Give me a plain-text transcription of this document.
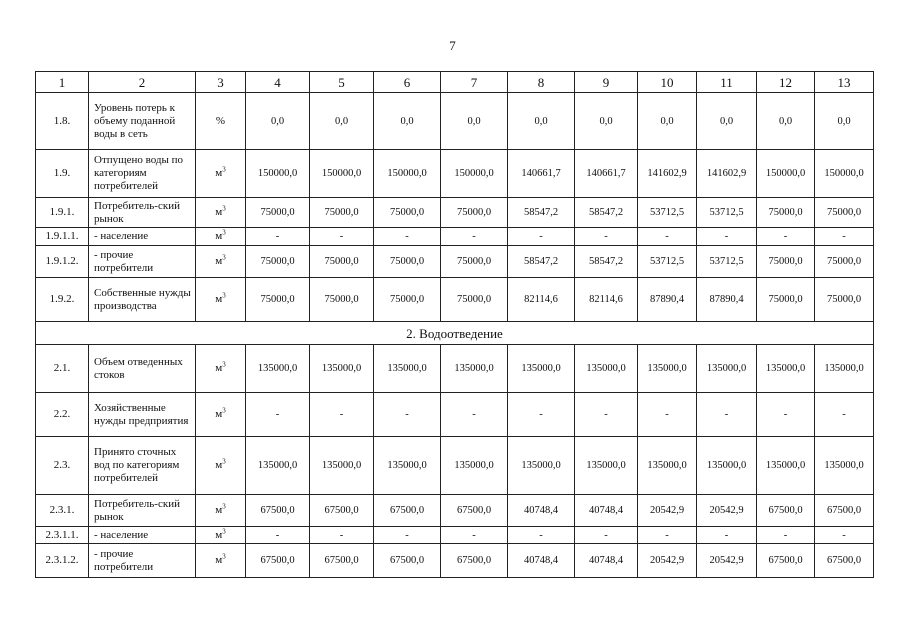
7
1	2	3	4	5	6	7	8	9	10	11	12	13
1.8.	Уровень потерь к объему поданной воды в сеть	%	0,0	0,0	0,0	0,0	0,0	0,0	0,0	0,0	0,0	0,0
1.9.	Отпущено воды по категориям потребителей	$м^3$	150000,0	150000,0	150000,0	150000,0	140661,7	140661,7	141602,9	141602,9	150000,0	150000,0
1.9.1.	Потребитель-ский рынок	$м^3$	75000,0	75000,0	75000,0	75000,0	58547,2	58547,2	53712,5	53712,5	75000,0	75000,0
1.9.1.1.	- население	$м^3$	-	-	-	-	-	-	-	-	-	-
1.9.1.2.	- прочие потребители	$м^3$	75000,0	75000,0	75000,0	75000,0	58547,2	58547,2	53712,5	53712,5	75000,0	75000,0
1.9.2.	Собственные нужды производства	$м^3$	75000,0	75000,0	75000,0	75000,0	82114,6	82114,6	87890,4	87890,4	75000,0	75000,0
2. Водоотведение												
2.1.	Объем отведенных стоков	$м^3$	135000,0	135000,0	135000,0	135000,0	135000,0	135000,0	135000,0	135000,0	135000,0	135000,0
2.2.	Хозяйственные нужды предприятия	$м^3$	-	-	-	-	-	-	-	-	-	-
2.3.	Принято сточных вод по категориям потребителей	$м^3$	135000,0	135000,0	135000,0	135000,0	135000,0	135000,0	135000,0	135000,0	135000,0	135000,0
2.3.1.	Потребитель-ский рынок	$м^3$	67500,0	67500,0	67500,0	67500,0	40748,4	40748,4	20542,9	20542,9	67500,0	67500,0
2.3.1.1.	- население	$м^3$	-	-	-	-	-	-	-	-	-	-
2.3.1.2.	- прочие потребители	$м^3$	67500,0	67500,0	67500,0	67500,0	40748,4	40748,4	20542,9	20542,9	67500,0	67500,0
